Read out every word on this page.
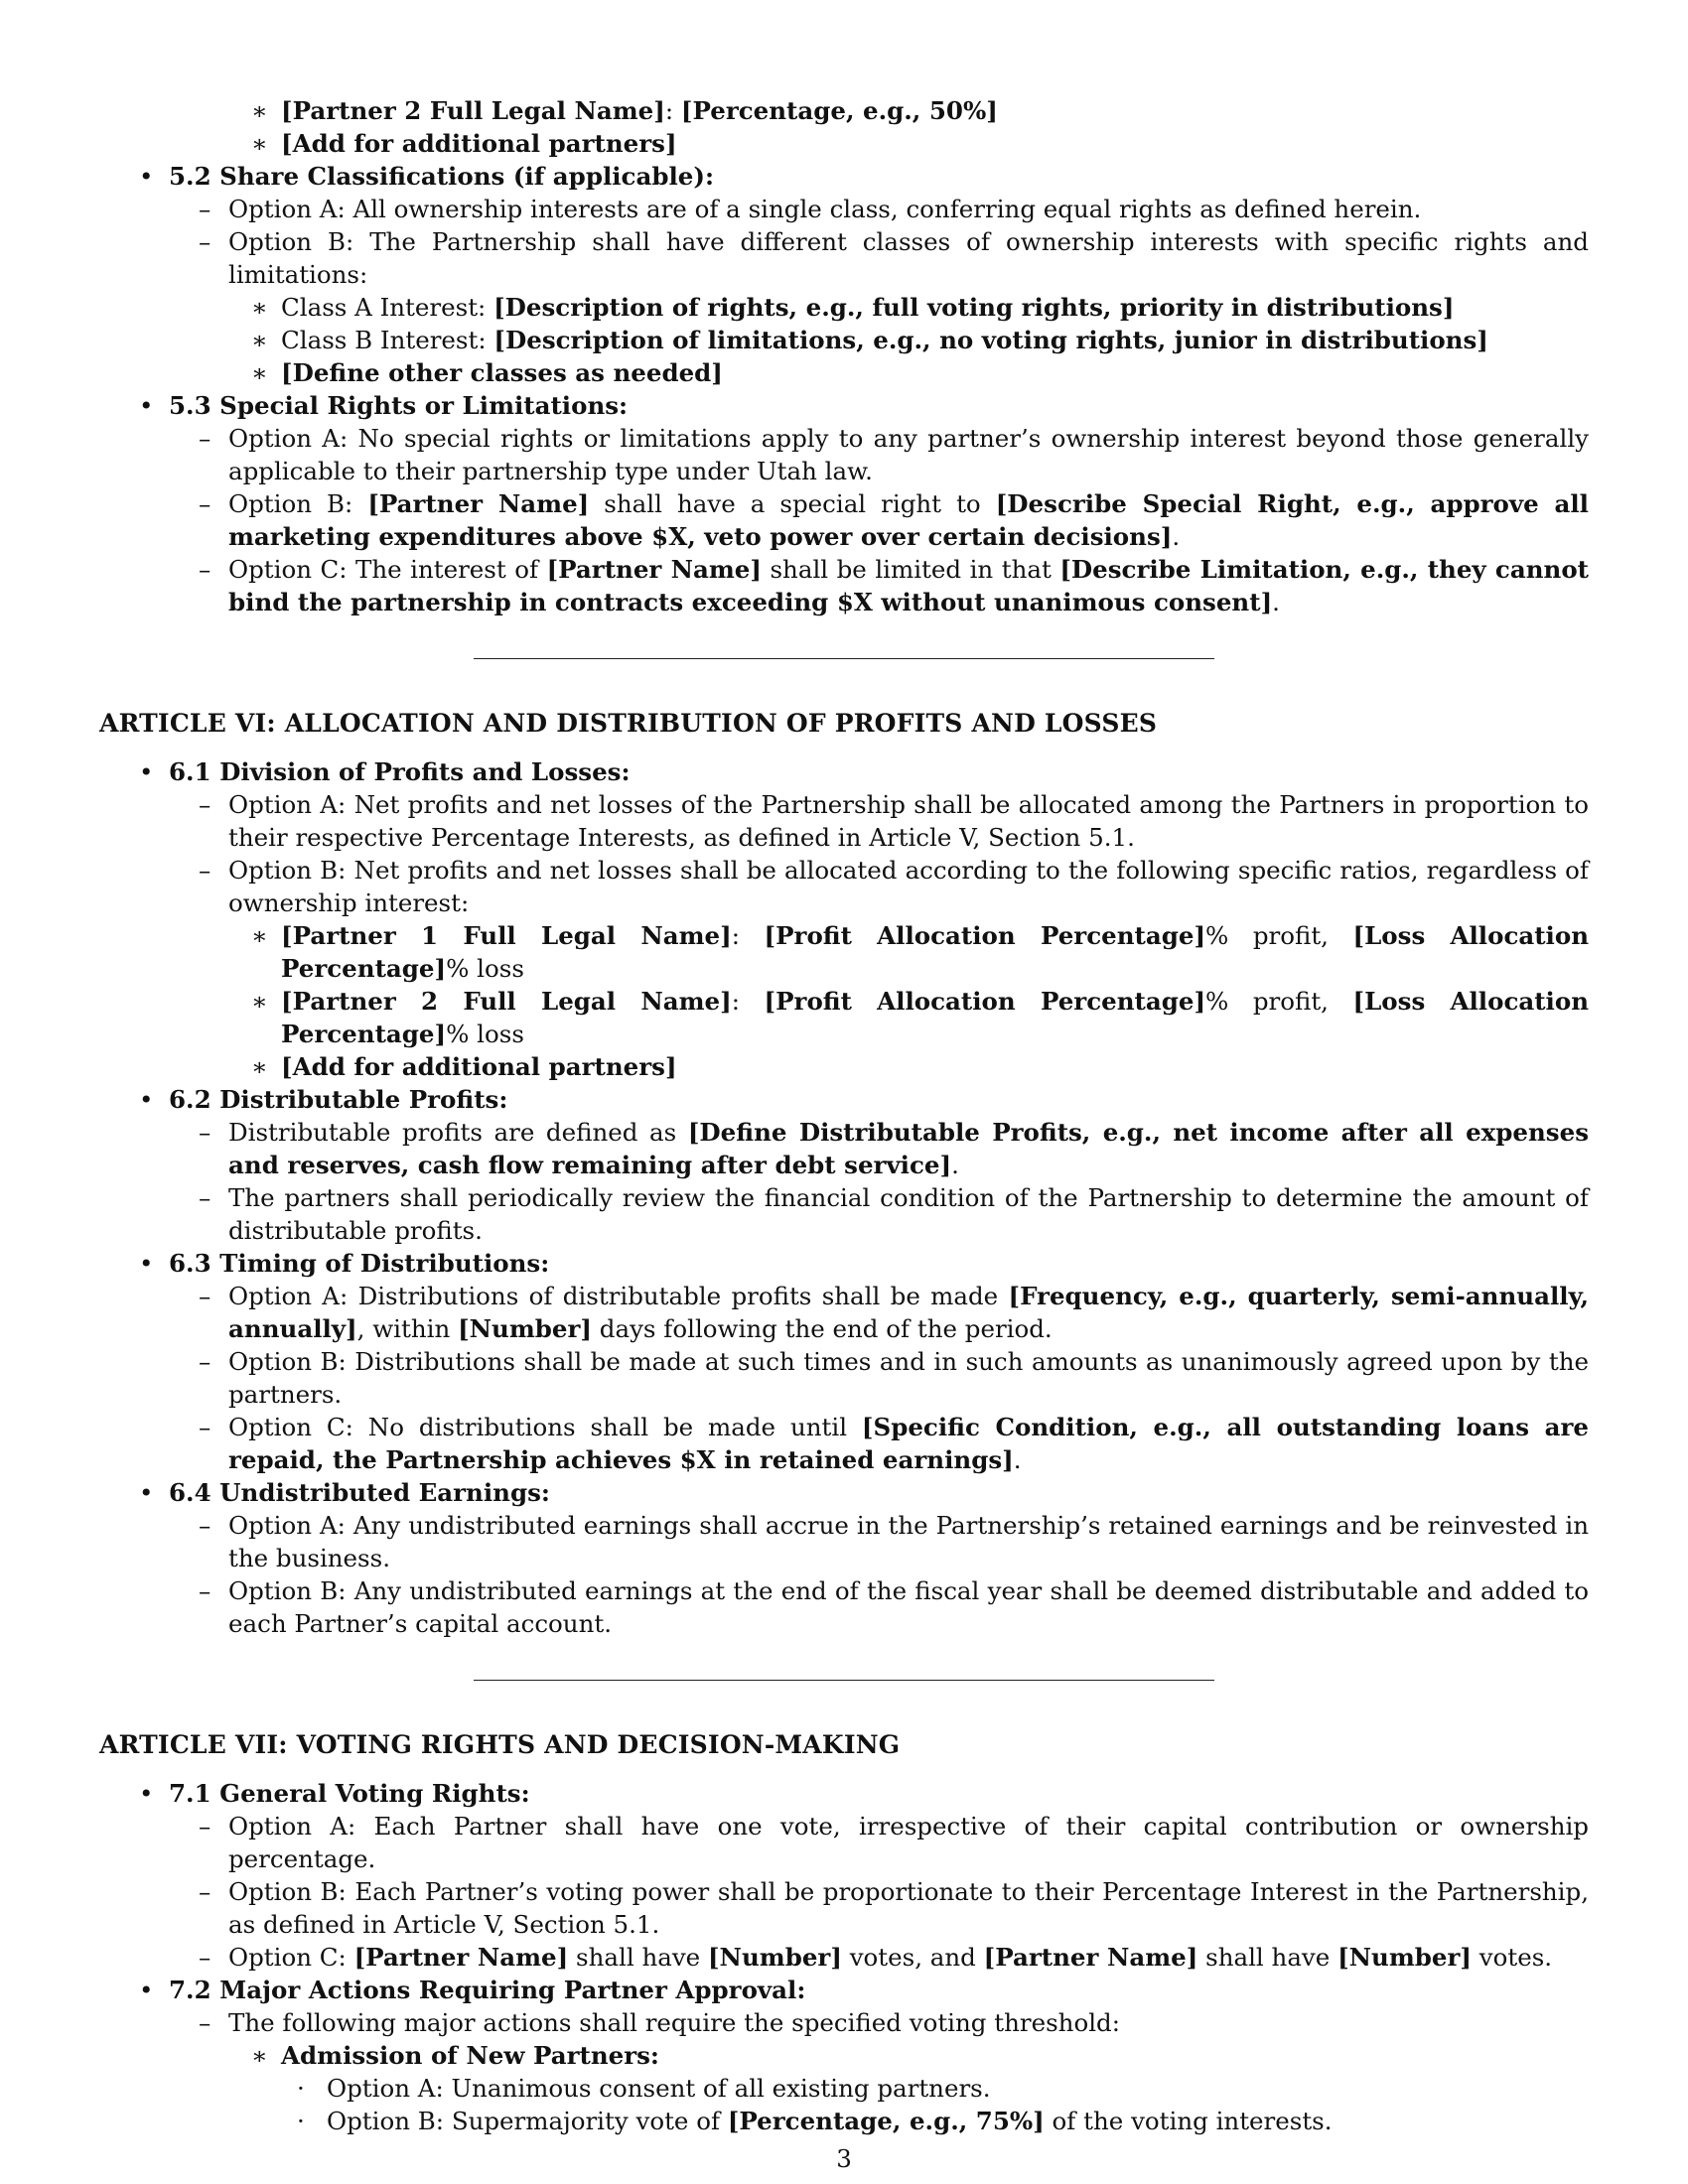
∗ [Partner 2 Full Legal Name]: [Percentage, e.g., 50%]
∗ [Add for additional partners]
• 5.2 Share Classifications (if applicable):
– Option A: All ownership interests are of a single class, conferring equal rights as defined herein.
– Option B: The Partnership shall have different classes of ownership interests with specific rights and limitations:
∗ Class A Interest: [Description of rights, e.g., full voting rights, priority in distributions]
∗ Class B Interest: [Description of limitations, e.g., no voting rights, junior in distributions]
∗ [Define other classes as needed]
• 5.3 Special Rights or Limitations:
– Option A: No special rights or limitations apply to any partner’s ownership interest beyond those generally applicable to their partnership type under Utah law.
– Option B: [Partner Name] shall have a special right to [Describe Special Right, e.g., approve all marketing expenditures above $X, veto power over certain decisions].
– Option C: The interest of [Partner Name] shall be limited in that [Describe Limitation, e.g., they cannot bind the partnership in contracts exceeding $X without unanimous consent].
ARTICLE VI: ALLOCATION AND DISTRIBUTION OF PROFITS AND LOSSES
• 6.1 Division of Profits and Losses:
– Option A: Net profits and net losses of the Partnership shall be allocated among the Partners in proportion to their respective Percentage Interests, as defined in Article V, Section 5.1.
– Option B: Net profits and net losses shall be allocated according to the following specific ratios, regardless of ownership interest:
∗ [Partner 1 Full Legal Name]: [Profit Allocation Percentage]% profit, [Loss Allocation Percentage]% loss
∗ [Partner 2 Full Legal Name]: [Profit Allocation Percentage]% profit, [Loss Allocation Percentage]% loss
∗ [Add for additional partners]
• 6.2 Distributable Profits:
– Distributable profits are defined as [Define Distributable Profits, e.g., net income after all expenses and reserves, cash flow remaining after debt service].
– The partners shall periodically review the financial condition of the Partnership to determine the amount of distributable profits.
• 6.3 Timing of Distributions:
– Option A: Distributions of distributable profits shall be made [Frequency, e.g., quarterly, semi-annually, annually], within [Number] days following the end of the period.
– Option B: Distributions shall be made at such times and in such amounts as unanimously agreed upon by the partners.
– Option C: No distributions shall be made until [Specific Condition, e.g., all outstanding loans are repaid, the Partnership achieves $X in retained earnings].
• 6.4 Undistributed Earnings:
– Option A: Any undistributed earnings shall accrue in the Partnership’s retained earnings and be reinvested in the business.
– Option B: Any undistributed earnings at the end of the fiscal year shall be deemed distributable and added to each Partner’s capital account.
ARTICLE VII: VOTING RIGHTS AND DECISION-MAKING
• 7.1 General Voting Rights:
– Option A: Each Partner shall have one vote, irrespective of their capital contribution or ownership percentage.
– Option B: Each Partner’s voting power shall be proportionate to their Percentage Interest in the Partnership, as defined in Article V, Section 5.1.
– Option C: [Partner Name] shall have [Number] votes, and [Partner Name] shall have [Number] votes.
• 7.2 Major Actions Requiring Partner Approval:
– The following major actions shall require the specified voting threshold:
∗ Admission of New Partners:
· Option A: Unanimous consent of all existing partners.
· Option B: Supermajority vote of [Percentage, e.g., 75%] of the voting interests.
3
